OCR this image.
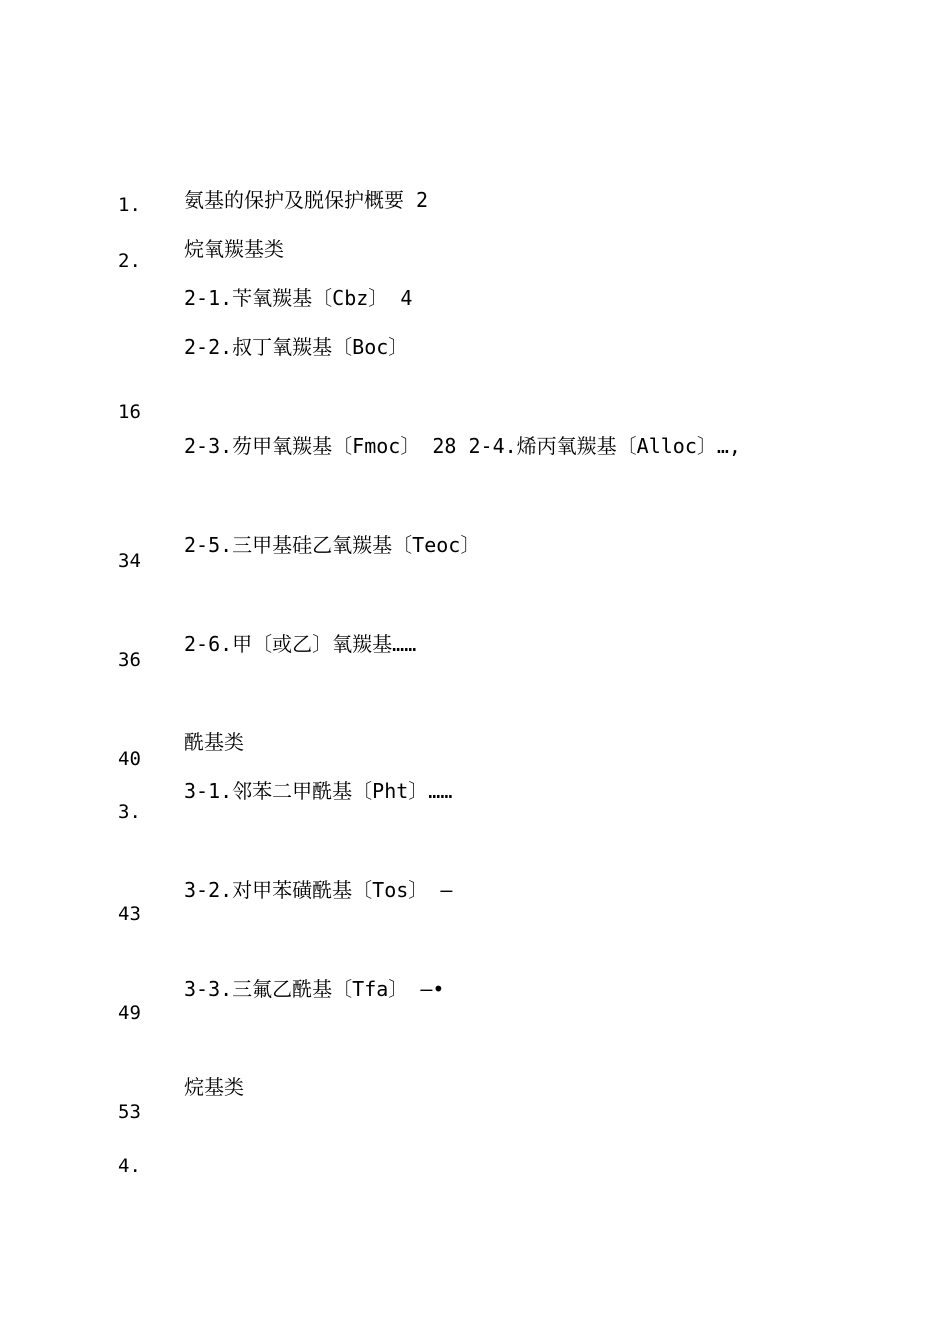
1. 氨基的保护及脱保护概要 2
烷氧羰基类
2.
2-1.苄氧羰基〔Cbz〕 4
2-2.叔丁氧羰基〔Boc〕
16
2-3.芴甲氧羰基〔Fmoc〕 28 2-4.烯丙氧羰基〔Alloc〕…,
2-5.三甲基硅乙氧羰基〔Teoc〕
34
2-6.甲〔或乙〕氧羰基……
36
酰基类
40
3-1.邻苯二甲酰基〔Pht〕……
3.
3-2.对甲苯磺酰基〔Tos〕 —
43
3-3.三氟乙酰基〔Tfa〕 —•
49
烷基类
53
4.
